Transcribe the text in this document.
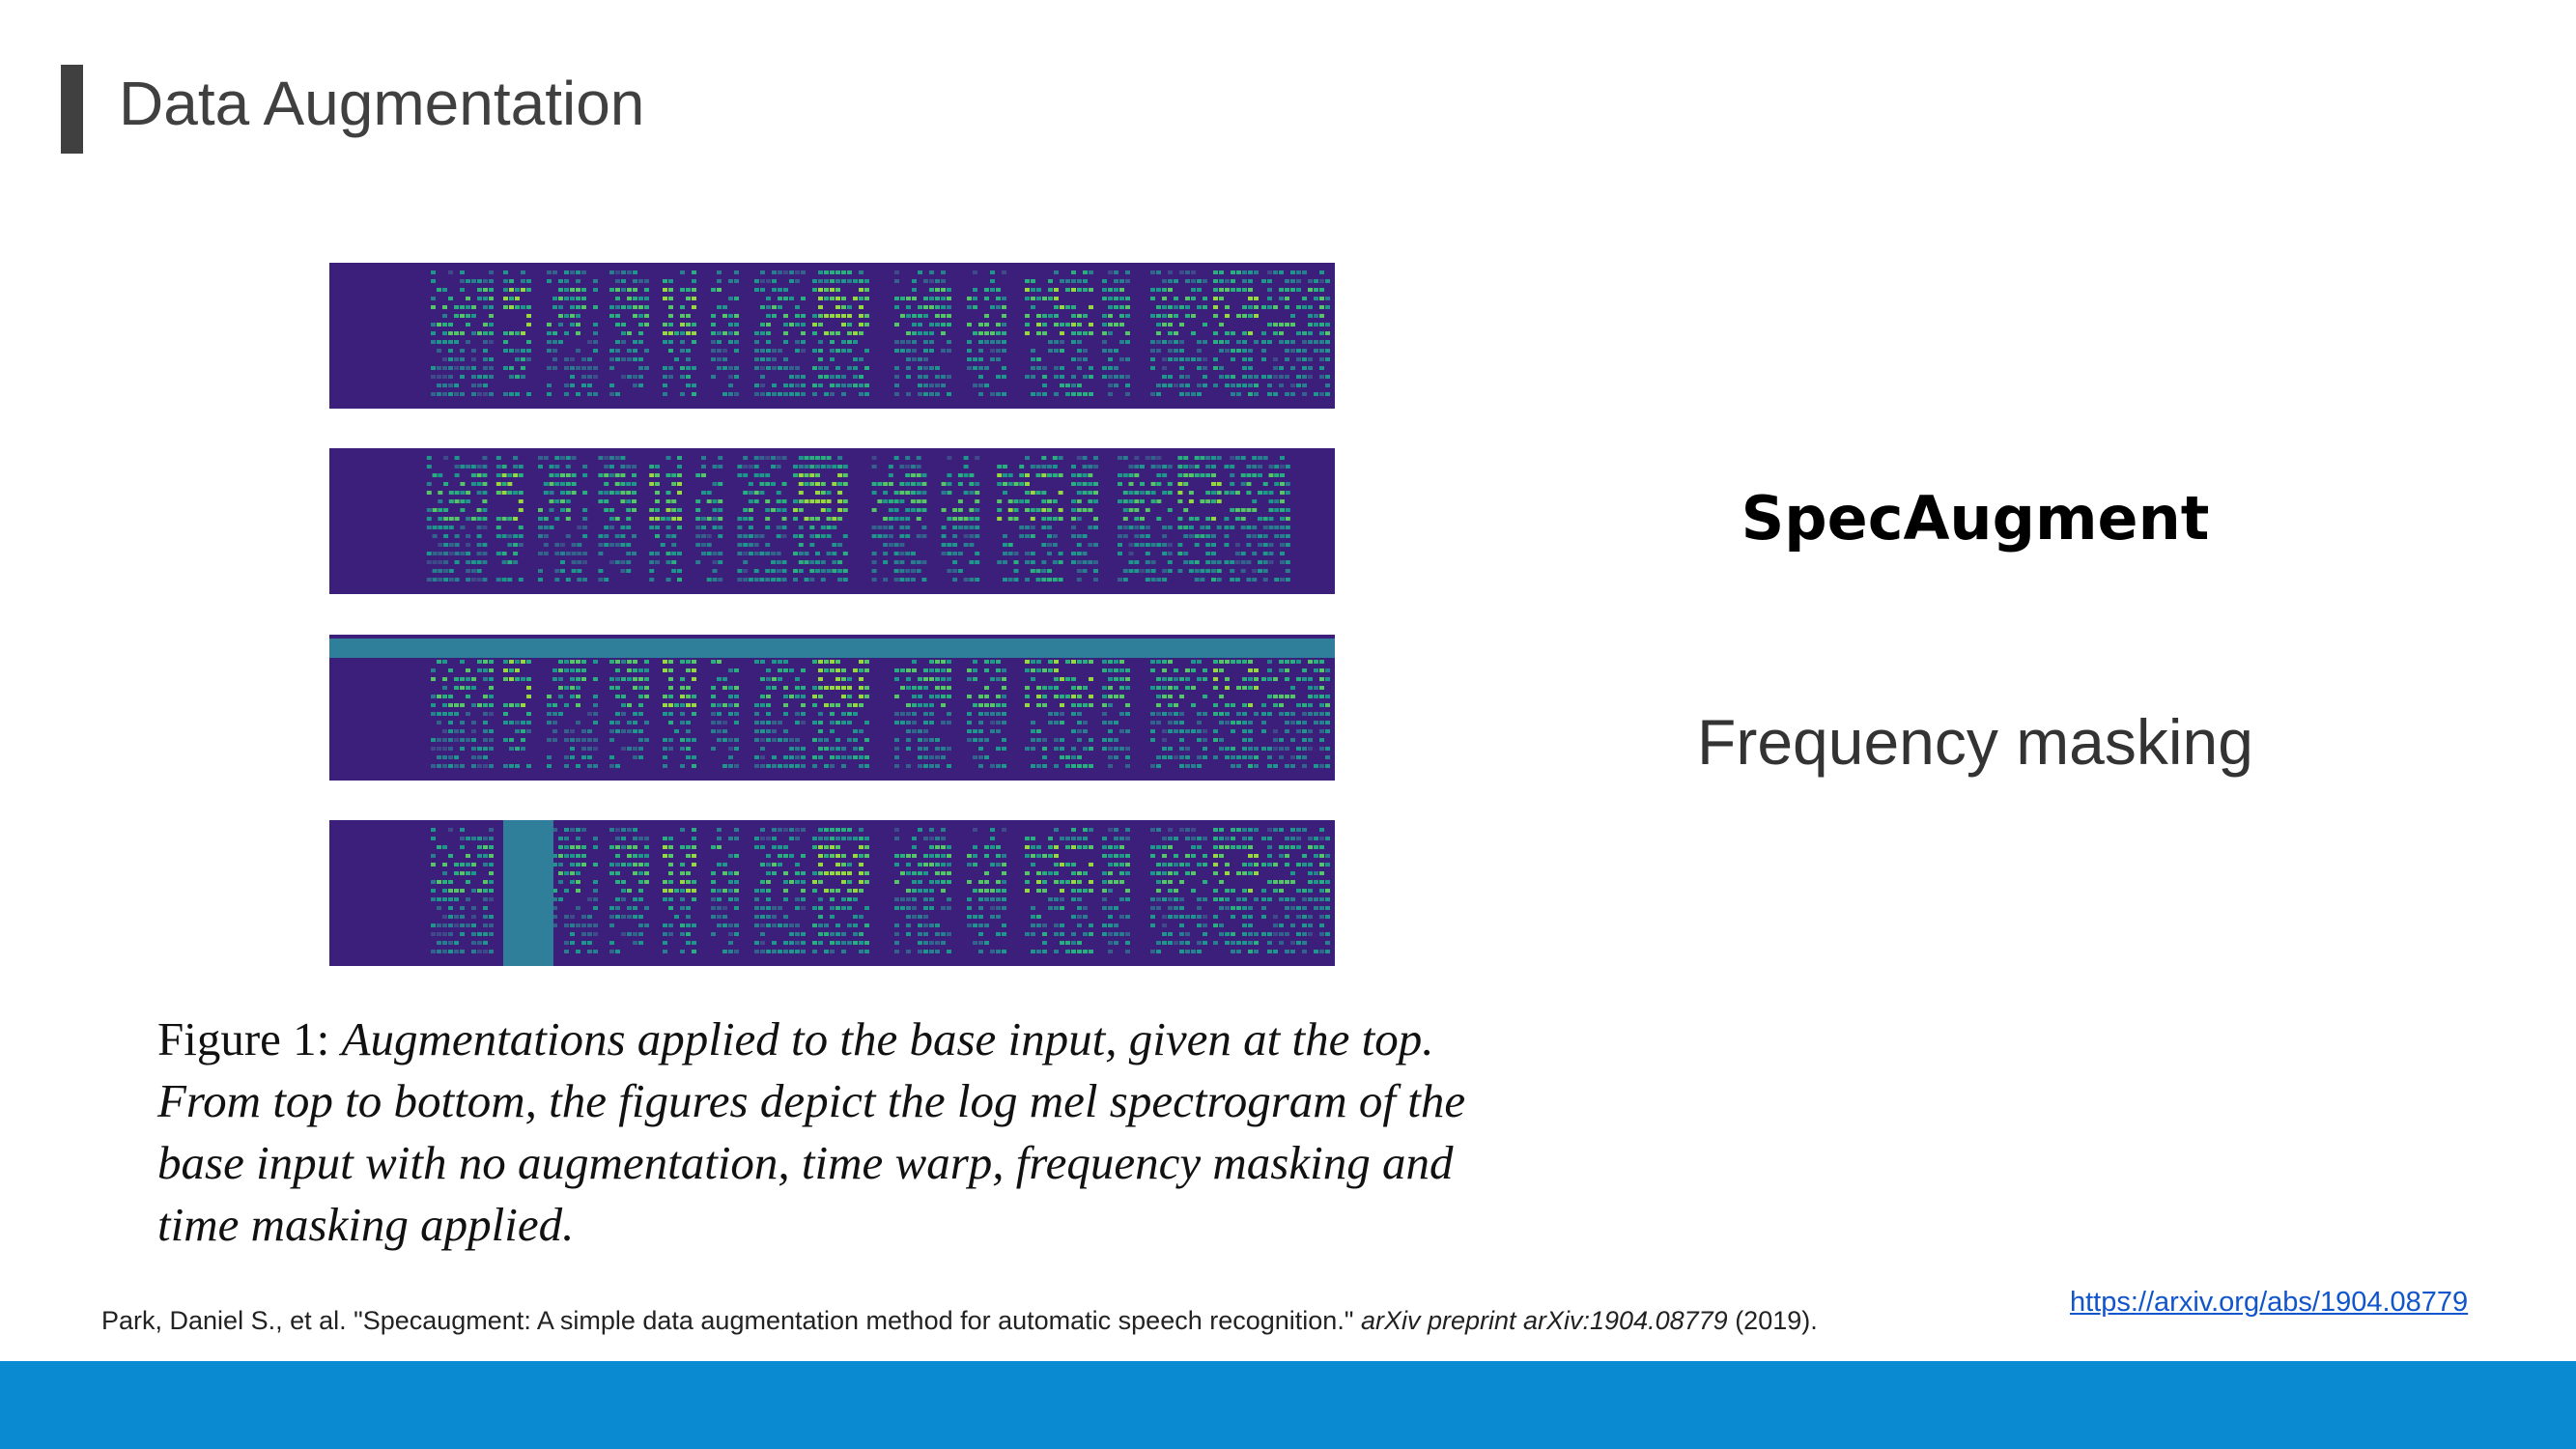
Data Augmentation
Figure 1: Augmentations applied to the base input, given at the top. From top to bottom, the figures depict the log mel spectrogram of the base input with no augmentation, time warp, frequency masking and time masking applied.
SpecAugment
Frequency masking
Park, Daniel S., et al. "Specaugment: A simple data augmentation method for automatic speech recognition." arXiv preprint arXiv:1904.08779 (2019).
https://arxiv.org/abs/1904.08779
